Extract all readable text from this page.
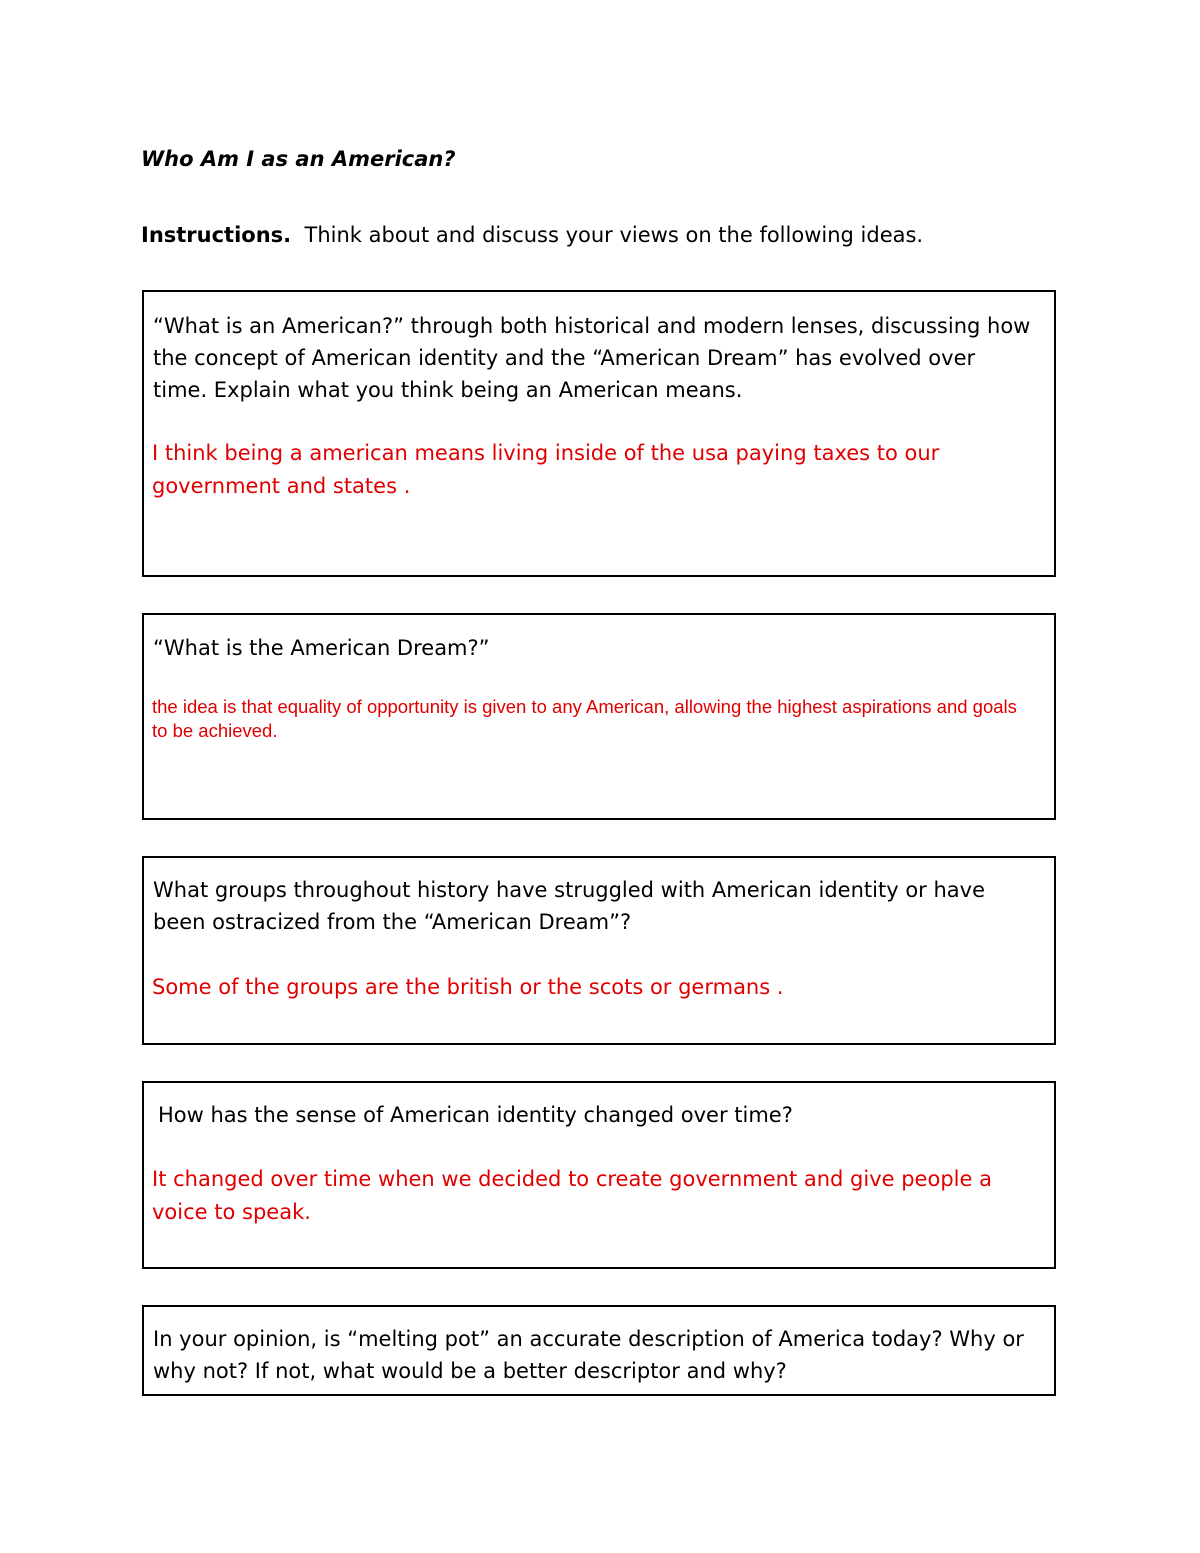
Who Am I as an American?
Instructions. Think about and discuss your views on the following ideas.
“What is an American?” through both historical and modern lenses, discussing how the concept of American identity and the “American Dream” has evolved over time. Explain what you think being an American means.
I think being a american means living inside of the usa paying taxes to our government and states .
“What is the American Dream?”
the idea is that equality of opportunity is given to any American, allowing the highest aspirations and goals to be achieved.
What groups throughout history have struggled with American identity or have been ostracized from the “American Dream”?
Some of the groups are the british or the scots or germans .
How has the sense of American identity changed over time?
It changed over time when we decided to create government and give people a voice to speak.
In your opinion, is “melting pot” an accurate description of America today? Why or why not? If not, what would be a better descriptor and why?
